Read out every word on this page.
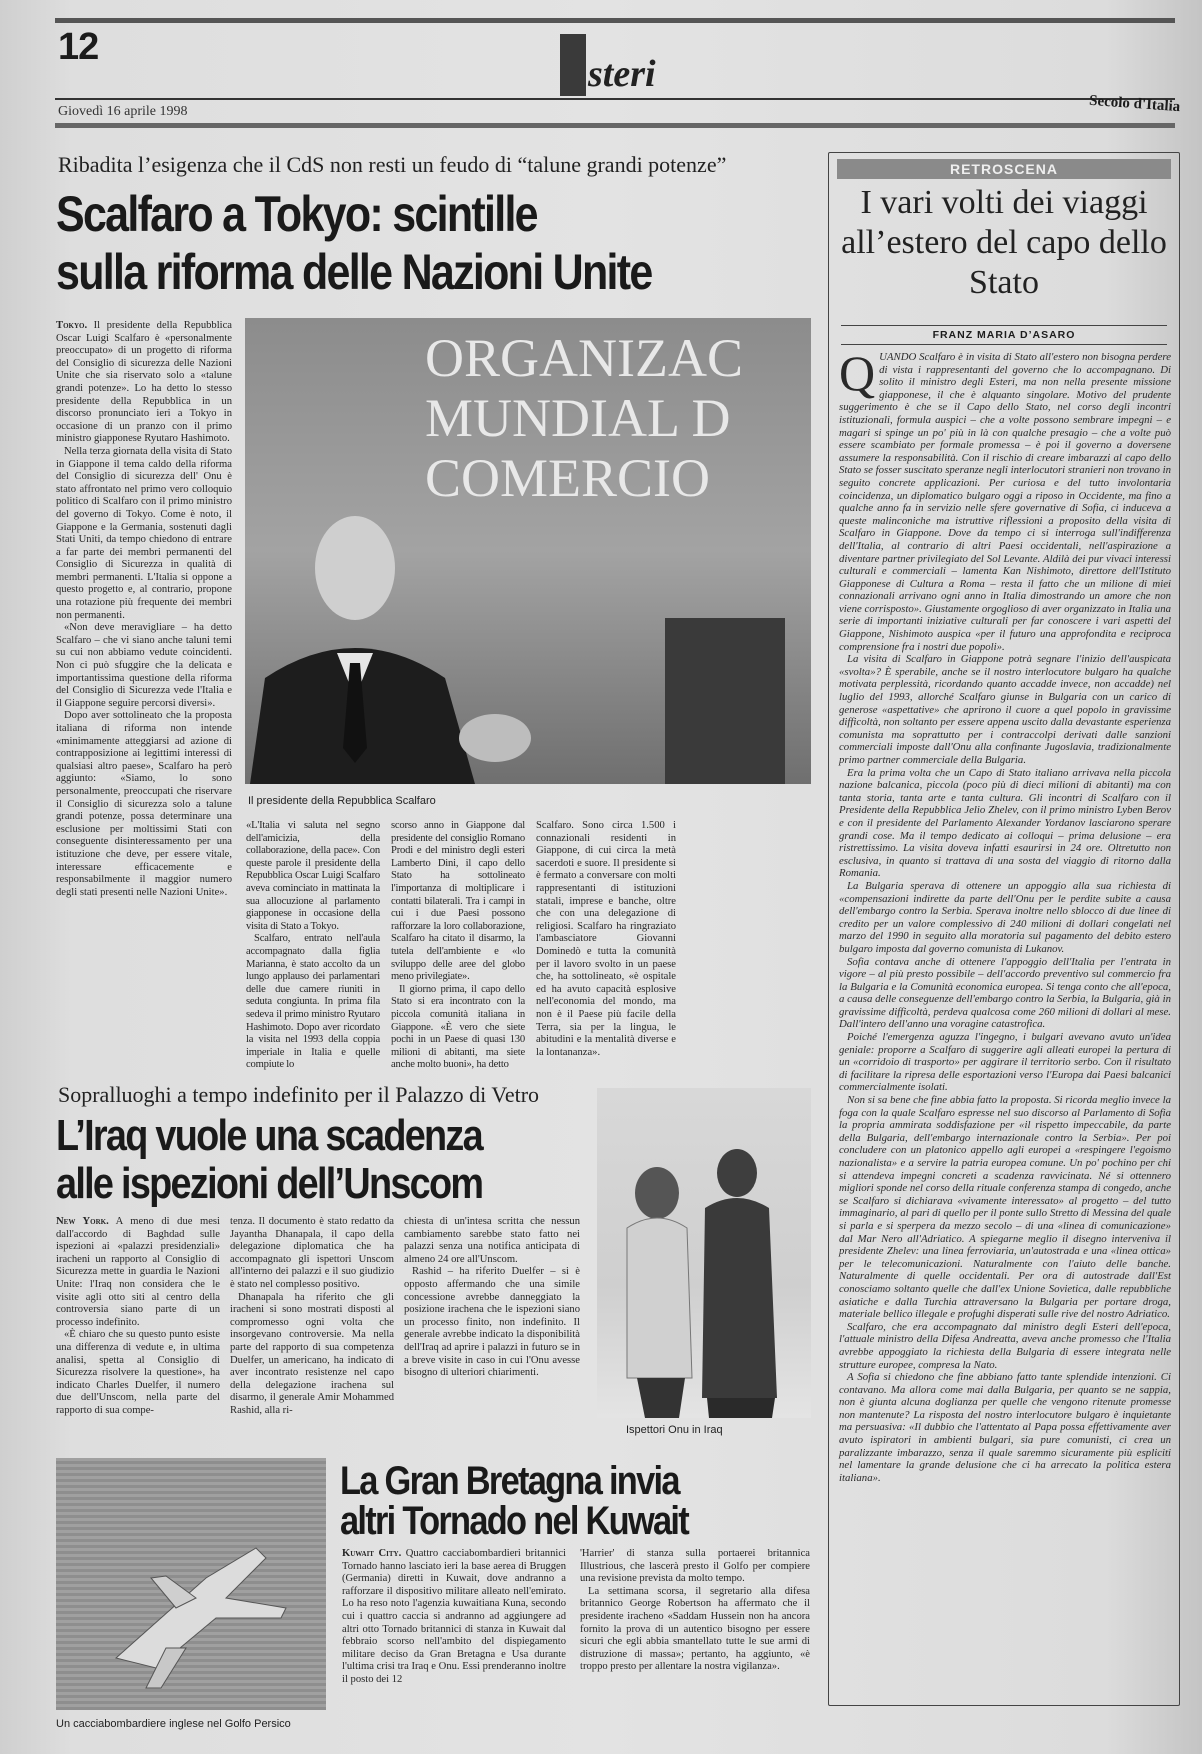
12
steri
Giovedì 16 aprile 1998	Secolo d'Italia
Ribadita l’esigenza che il CdS non resti un feudo di “talune grandi potenze”
Scalfaro a Tokyo: scintille
sulla riforma delle Nazioni Unite

Tokyo. Il presidente della Repubblica Oscar Luigi Scalfaro è «personalmente preoccupato» di un progetto di riforma del Consiglio di sicurezza delle Nazioni Unite che sia riservato solo a «talune grandi potenze». Lo ha detto lo stesso presidente della Repubblica in un discorso pronunciato ieri a Tokyo in occasione di un pranzo con il primo ministro giapponese Ryutaro Hashimoto.

Nella terza giornata della visita di Stato in Giappone il tema caldo della riforma del Consiglio di sicurezza dell' Onu è stato affrontato nel primo vero colloquio politico di Scalfaro con il primo ministro del governo di Tokyo. Come è noto, il Giappone e la Germania, sostenuti dagli Stati Uniti, da tempo chiedono di entrare a far parte dei membri permanenti del Consiglio di Sicurezza in qualità di membri permanenti. L'Italia si oppone a questo progetto e, al contrario, propone una rotazione più frequente dei membri non permanenti.

«Non deve meravigliare – ha detto Scalfaro – che vi siano anche taluni temi su cui non abbiamo vedute coincidenti. Non ci può sfuggire che la delicata e importantissima questione della riforma del Consiglio di Sicurezza vede l'Italia e il Giappone seguire percorsi diversi».

Dopo aver sottolineato che la proposta italiana di riforma non intende «minimamente atteggiarsi ad azione di contrapposizione ai legittimi interessi di qualsiasi altro paese», Scalfaro ha però aggiunto: «Siamo, lo sono personalmente, preoccupati che riservare il Consiglio di sicurezza solo a talune grandi potenze, possa determinare una esclusione per moltissimi Stati con conseguente disinteressamento per una istituzione che deve, per essere vitale, interessare efficacemente e responsabilmente il maggior numero degli stati presenti nelle Nazioni Unite».

ORGANIZAC
MUNDIAL D
COMERCIO
Il presidente della Repubblica Scalfaro

«L'Italia vi saluta nel segno dell'amicizia, della collaborazione, della pace». Con queste parole il presidente della Repubblica Oscar Luigi Scalfaro aveva cominciato in mattinata la sua allocuzione al parlamento giapponese in occasione della visita di Stato a Tokyo.

Scalfaro, entrato nell'aula accompagnato dalla figlia Marianna, è stato accolto da un lungo applauso dei parlamentari delle due camere riuniti in seduta congiunta. In prima fila sedeva il primo ministro Ryutaro Hashimoto. Dopo aver ricordato la visita nel 1993 della coppia imperiale in Italia e quelle compiute lo

scorso anno in Giappone dal presidente del consiglio Romano Prodi e del ministro degli esteri Lamberto Dini, il capo dello Stato ha sottolineato l'importanza di moltiplicare i contatti bilaterali. Tra i campi in cui i due Paesi possono rafforzare la loro collaborazione, Scalfaro ha citato il disarmo, la tutela dell'ambiente e «lo sviluppo delle aree del globo meno privilegiate».

Il giorno prima, il capo dello Stato si era incontrato con la piccola comunità italiana in Giappone. «È vero che siete pochi in un Paese di quasi 130 milioni di abitanti, ma siete anche molto buoni», ha detto

Scalfaro. Sono circa 1.500 i connazionali residenti in Giappone, di cui circa la metà sacerdoti e suore. Il presidente si è fermato a conversare con molti rappresentanti di istituzioni statali, imprese e banche, oltre che con una delegazione di religiosi. Scalfaro ha ringraziato l'ambasciatore Giovanni Dominedò e tutta la comunità per il lavoro svolto in un paese che, ha sottolineato, «è ospitale ed ha avuto capacità esplosive nell'economia del mondo, ma non è il Paese più facile della Terra, sia per la lingua, le abitudini e la mentalità diverse e la lontananza».

Sopralluoghi a tempo indefinito per il Palazzo di Vetro
L’Iraq vuole una scadenza
alle ispezioni dell’Unscom

New York. A meno di due mesi dall'accordo di Baghdad sulle ispezioni ai «palazzi presidenziali» iracheni un rapporto al Consiglio di Sicurezza mette in guardia le Nazioni Unite: l'Iraq non considera che le visite agli otto siti al centro della controversia siano parte di un processo indefinito.

«È chiaro che su questo punto esiste una differenza di vedute e, in ultima analisi, spetta al Consiglio di Sicurezza risolvere la questione», ha indicato Charles Duelfer, il numero due dell'Unscom, nella parte del rapporto di sua compe-

tenza. Il documento è stato redatto da Jayantha Dhanapala, il capo della delegazione diplomatica che ha accompagnato gli ispettori Unscom all'interno dei palazzi e il suo giudizio è stato nel complesso positivo.

Dhanapala ha riferito che gli iracheni si sono mostrati disposti al compromesso ogni volta che insorgevano controversie. Ma nella parte del rapporto di sua competenza Duelfer, un americano, ha indicato di aver incontrato resistenze nel capo della delegazione irachena sul disarmo, il generale Amir Mohammed Rashid, alla ri-

chiesta di un'intesa scritta che nessun cambiamento sarebbe stato fatto nei palazzi senza una notifica anticipata di almeno 24 ore all'Unscom.

Rashid – ha riferito Duelfer – si è opposto affermando che una simile concessione avrebbe danneggiato la posizione irachena che le ispezioni siano un processo finito, non indefinito. Il generale avrebbe indicato la disponibilità dell'Iraq ad aprire i palazzi in futuro se in a breve visite in caso in cui l'Onu avesse bisogno di ulteriori chiarimenti.

Ispettori Onu in Iraq
Un cacciabombardiere inglese nel Golfo Persico
La Gran Bretagna invia
altri Tornado nel Kuwait

Kuwait City. Quattro cacciabombardieri britannici Tornado hanno lasciato ieri la base aerea di Bruggen (Germania) diretti in Kuwait, dove andranno a rafforzare il dispositivo militare alleato nell'emirato. Lo ha reso noto l'agenzia kuwaitiana Kuna, secondo cui i quattro caccia si andranno ad aggiungere ad altri otto Tornado britannici di stanza in Kuwait dal febbraio scorso nell'ambito del dispiegamento militare deciso da Gran Bretagna e Usa durante l'ultima crisi tra Iraq e Onu. Essi prenderanno inoltre il posto dei 12

'Harrier' di stanza sulla portaerei britannica Illustrious, che lascerà presto il Golfo per compiere una revisione prevista da molto tempo.

La settimana scorsa, il segretario alla difesa britannico George Robertson ha affermato che il presidente iracheno «Saddam Hussein non ha ancora fornito la prova di un autentico bisogno per essere sicuri che egli abbia smantellato tutte le sue armi di distruzione di massa»; pertanto, ha aggiunto, «è troppo presto per allentare la nostra vigilanza».

RETROSCENA
I vari volti dei viaggi all’estero del capo dello Stato
FRANZ MARIA D’ASARO

QUANDO Scalfaro è in visita di Stato all'estero non bisogna perdere di vista i rappresentanti del governo che lo accompagnano. Di solito il ministro degli Esteri, ma non nella presente missione giapponese, il che è alquanto singolare. Motivo del prudente suggerimento è che se il Capo dello Stato, nel corso degli incontri istituzionali, formula auspici – che a volte possono sembrare impegni – e magari si spinge un po' più in là con qualche presagio – che a volte può essere scambiato per formale promessa – è poi il governo a doversene assumere la responsabilità. Con il rischio di creare imbarazzi al capo dello Stato se fosser suscitato speranze negli interlocutori stranieri non trovano in seguito concrete applicazioni. Per curiosa e del tutto involontaria coincidenza, un diplomatico bulgaro oggi a riposo in Occidente, ma fino a qualche anno fa in servizio nelle sfere governative di Sofia, ci induceva a queste malinconiche ma istruttive riflessioni a proposito della visita di Scalfaro in Giappone. Dove da tempo ci si interroga sull'indifferenza dell'Italia, al contrario di altri Paesi occidentali, nell'aspirazione a diventare partner privilegiato del Sol Levante. Aldilà dei pur vivaci interessi culturali e commerciali – lamenta Kan Nishimoto, direttore dell'Istituto Giapponese di Cultura a Roma – resta il fatto che un milione di miei connazionali arrivano ogni anno in Italia dimostrando un amore che non viene corrisposto». Giustamente orgoglioso di aver organizzato in Italia una serie di importanti iniziative culturali per far conoscere i vari aspetti del Giappone, Nishimoto auspica «per il futuro una approfondita e reciproca comprensione fra i nostri due popoli».

La visita di Scalfaro in Giappone potrà segnare l'inizio dell'auspicata «svolta»? È sperabile, anche se il nostro interlocutore bulgaro ha qualche motivata perplessità, ricordando quanto accadde invece, non accadde) nel luglio del 1993, allorché Scalfaro giunse in Bulgaria con un carico di generose «aspettative» che aprirono il cuore a quel popolo in gravissime difficoltà, non soltanto per essere appena uscito dalla devastante esperienza comunista ma soprattutto per i contraccolpi derivati dalle sanzioni commerciali imposte dall'Onu alla confinante Jugoslavia, tradizionalmente primo partner commerciale della Bulgaria.

Era la prima volta che un Capo di Stato italiano arrivava nella piccola nazione balcanica, piccola (poco più di dieci milioni di abitanti) ma con tanta storia, tanta arte e tanta cultura. Gli incontri di Scalfaro con il Presidente della Repubblica Jelio Zhelev, con il primo ministro Lyben Berov e con il presidente del Parlamento Alexander Yordanov lasciarono sperare grandi cose. Ma il tempo dedicato ai colloqui – prima delusione – era ristrettissimo. La visita doveva infatti esaurirsi in 24 ore. Oltretutto non esclusiva, in quanto si trattava di una sosta del viaggio di ritorno dalla Romania.

La Bulgaria sperava di ottenere un appoggio alla sua richiesta di «compensazioni indirette da parte dell'Onu per le perdite subite a causa dell'embargo contro la Serbia. Sperava inoltre nello sblocco di due linee di credito per un valore complessivo di 240 milioni di dollari congelati nel marzo del 1990 in seguito alla moratoria sul pagamento del debito estero bulgaro imposta dal governo comunista di Lukanov.

Sofia contava anche di ottenere l'appoggio dell'Italia per l'entrata in vigore – al più presto possibile – dell'accordo preventivo sul commercio fra la Bulgaria e la Comunità economica europea. Si tenga conto che all'epoca, a causa delle conseguenze dell'embargo contro la Serbia, la Bulgaria, già in gravissime difficoltà, perdeva qualcosa come 260 milioni di dollari al mese. Dall'intero dell'anno una voragine catastrofica.

Poiché l'emergenza aguzza l'ingegno, i bulgari avevano avuto un'idea geniale: proporre a Scalfaro di suggerire agli alleati europei la pertura di un «corridoio di trasporto» per aggirare il territorio serbo. Con il risultato di facilitare la ripresa delle esportazioni verso l'Europa dai Paesi balcanici commercialmente isolati.

Non si sa bene che fine abbia fatto la proposta. Si ricorda meglio invece la foga con la quale Scalfaro espresse nel suo discorso al Parlamento di Sofia la propria ammirata soddisfazione per «il rispetto impeccabile, da parte della Bulgaria, dell'embargo internazionale contro la Serbia». Per poi concludere con un platonico appello agli europei a «respingere l'egoismo nazionalista» e a servire la patria europea comune. Un po' pochino per chi si attendeva impegni concreti a scadenza ravvicinata. Né si ottennero migliori sponde nel corso della rituale conferenza stampa di congedo, anche se Scalfaro si dichiarava «vivamente interessato» al progetto – del tutto immaginario, al pari di quello per il ponte sullo Stretto di Messina del quale si parla e si sperpera da mezzo secolo – di una «linea di comunicazione» dal Mar Nero all'Adriatico. A spiegarne meglio il disegno interveniva il presidente Zhelev: una linea ferroviaria, un'autostrada e una «linea ottica» per le telecomunicazioni. Naturalmente con l'aiuto delle banche. Naturalmente di quelle occidentali. Per ora di autostrade dall'Est conosciamo soltanto quelle che dall'ex Unione Sovietica, dalle repubbliche asiatiche e dalla Turchia attraversano la Bulgaria per portare droga, materiale bellico illegale e profughi disperati sulle rive del nostro Adriatico.

Scalfaro, che era accompagnato dal ministro degli Esteri dell'epoca, l'attuale ministro della Difesa Andreatta, aveva anche promesso che l'Italia avrebbe appoggiato la richiesta della Bulgaria di essere integrata nelle strutture europee, compresa la Nato.

A Sofia si chiedono che fine abbiano fatto tante splendide intenzioni. Ci contavano. Ma allora come mai dalla Bulgaria, per quanto se ne sappia, non è giunta alcuna doglianza per quelle che vengono ritenute promesse non mantenute? La risposta del nostro interlocutore bulgaro è inquietante ma persuasiva: «Il dubbio che l'attentato al Papa possa effettivamente aver avuto ispiratori in ambienti bulgari, sia pure comunisti, ci crea un paralizzante imbarazzo, senza il quale saremmo sicuramente più espliciti nel lamentare la grande delusione che ci ha arrecato la politica estera italiana».
